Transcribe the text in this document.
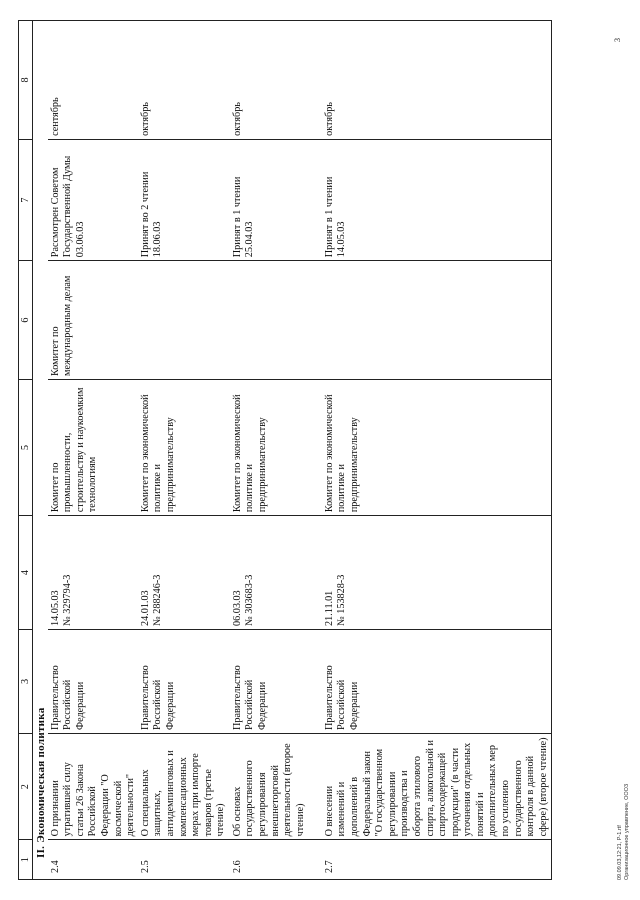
1	2	3	4	5	6	7	8
II. Экономическая политика							
2.4	О признании утратившей силу статьи 26 Закона Российской Федерации "О космической деятельности"	Правительство Российской Федерации	14.05.03 № 329794-3	Комитет по промышленности, строительству и наукоемким технологиям	Комитет по международным делам	Рассмотрен Советом Государственной Думы 03.06.03	сентябрь
2.5	О специальных защитных, антидемпинговых и компенсационных мерах при импорте товаров (третье чтение)	Правительство Российской Федерации	24.01.03 № 288246-3	Комитет по экономической политике и предпринимательству		Принят во 2 чтении 18.06.03	октябрь
2.6	Об основах государственного регулирования внешнеторговой деятельности (второе чтение)	Правительство Российской Федерации	06.03.03 № 303683-3	Комитет по экономической политике и предпринимательству		Принят в 1 чтении 25.04.03	октябрь
2.7	О внесении изменений и дополнений в Федеральный закон "О государственном регулировании производства и оборота этилового спирта, алкогольной и спиртосодержащей продукции" (в части уточнения отдельных понятий и дополнительных мер по усилению государственного контроля в данной сфере) (второе чтение)	Правительство Российской Федерации	21.11.01 № 153828-3	Комитет по экономической политике и предпринимательству		Принят в 1 чтении 14.05.03	октябрь
09.09.03,12:21, P-1.rtf Организационное управление, ООО3
3
